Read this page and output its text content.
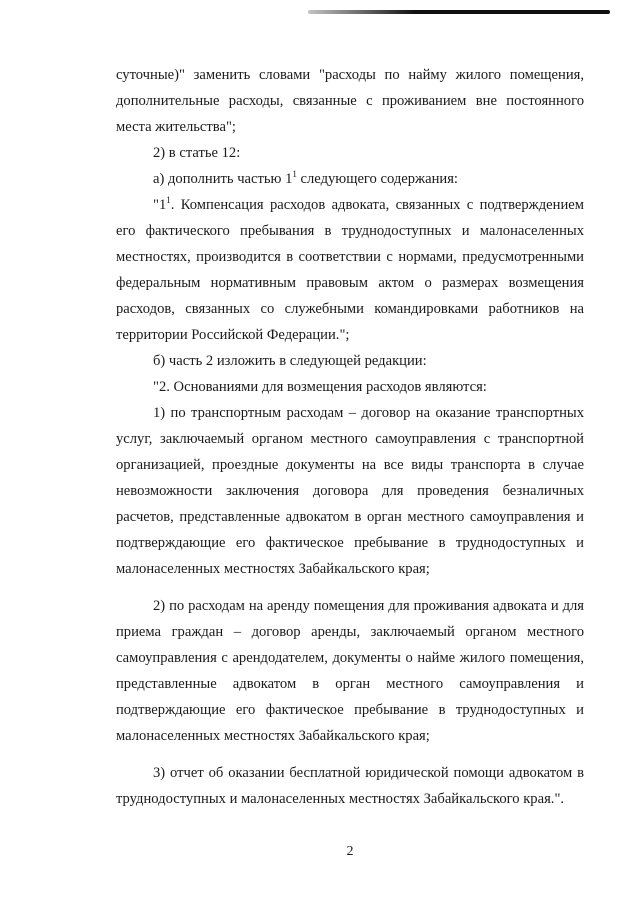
суточные)" заменить словами "расходы по найму жилого помещения, дополнительные расходы, связанные с проживанием вне постоянного места жительства";

2) в статье 12:

а) дополнить частью $1^1$ следующего содержания:

"$1^1$. Компенсация расходов адвоката, связанных с подтверждением его фактического пребывания в труднодоступных и малонаселенных местностях, производится в соответствии с нормами, предусмотренными федеральным нормативным правовым актом о размерах возмещения расходов, связанных со служебными командировками работников на территории Российской Федерации.";

б) часть 2 изложить в следующей редакции:

"2. Основаниями для возмещения расходов являются:

1) по транспортным расходам – договор на оказание транспортных услуг, заключаемый органом местного самоуправления с транспортной организацией, проездные документы на все виды транспорта в случае невозможности заключения договора для проведения безналичных расчетов, представленные адвокатом в орган местного самоуправления и подтверждающие его фактическое пребывание в труднодоступных и малонаселенных местностях Забайкальского края;

2) по расходам на аренду помещения для проживания адвоката и для приема граждан – договор аренды, заключаемый органом местного самоуправления с арендодателем, документы о найме жилого помещения, представленные адвокатом в орган местного самоуправления и подтверждающие его фактическое пребывание в труднодоступных и малонаселенных местностях Забайкальского края;

3) отчет об оказании бесплатной юридической помощи адвокатом в труднодоступных и малонаселенных местностях Забайкальского края.".

2
